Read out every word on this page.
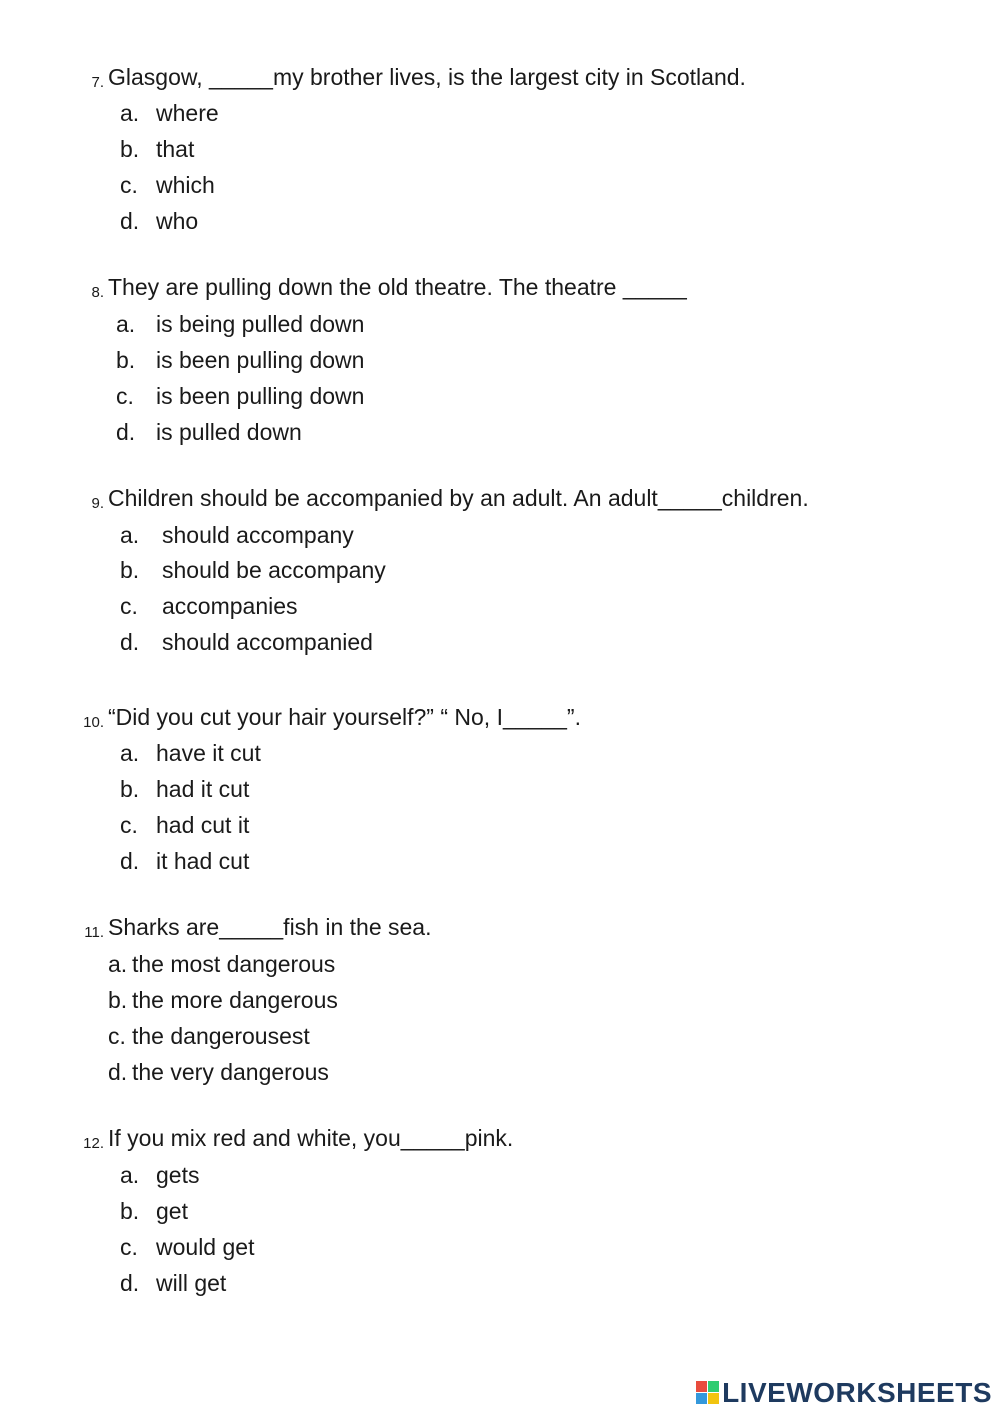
7. Glasgow, _____my brother lives, is the largest city in Scotland.
a. where
b. that
c. which
d. who
8. They are pulling down the old theatre. The theatre _____
a. is being pulled down
b. is been pulling down
c. is been pulling down
d. is pulled down
9. Children should be accompanied by an adult. An adult_____children.
a. should accompany
b. should be accompany
c. accompanies
d. should accompanied
10. “Did you cut your hair yourself?” “ No, I_____”.
a. have it cut
b. had it cut
c. had cut it
d. it had cut
11. Sharks are_____fish in the sea.
a. the most dangerous
b. the more dangerous
c. the dangerousest
d. the very dangerous
12. If you mix red and white, you_____pink.
a. gets
b. get
c. would get
d. will get
LIVEWORKSHEETS
